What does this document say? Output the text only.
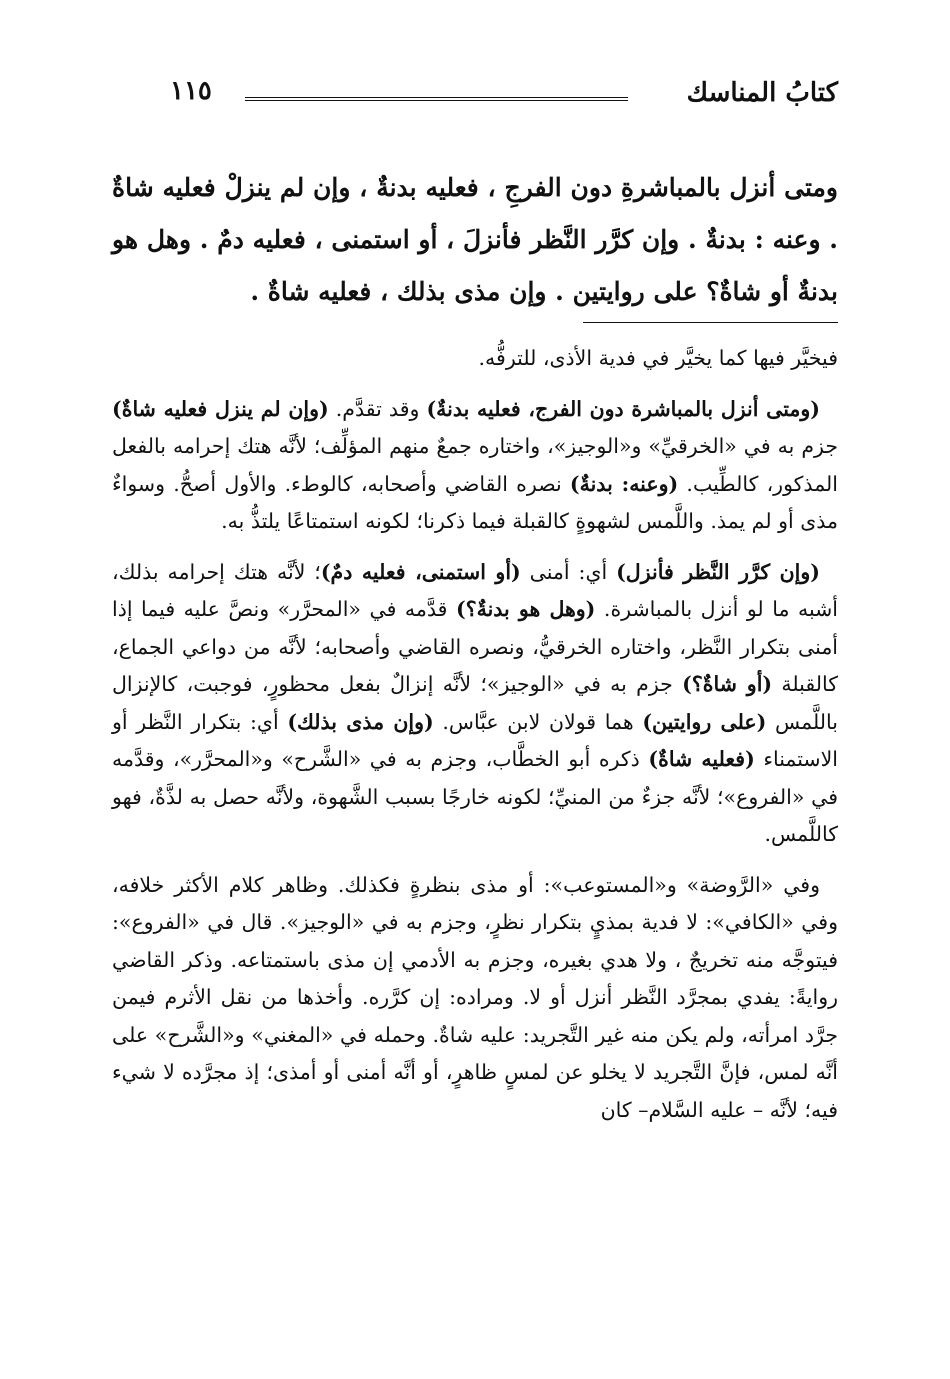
كتابُ المناسك
١١٥

ومتى أنزل بالمباشرةِ دون الفرجِ ، فعليه بدنةٌ ، وإن لم ينزلْ فعليه شاةٌ . وعنه : بدنةٌ . وإن كرَّر النَّظر فأنزلَ ، أو استمنى ، فعليه دمٌ . وهل هو بدنةٌ أو شاةٌ؟ على روايتين . وإن مذى بذلك ، فعليه شاةٌ .

فيخيَّر فيها كما يخيَّر في فدية الأذى، للترفُّه.

(ومتى أنزل بالمباشرة دون الفرج، فعليه بدنةٌ) وقد تقدَّم. (وإن لم ينزل فعليه شاةٌ) جزم به في «الخرقيِّ» و«الوجيز»، واختاره جمعٌ منهم المؤلِّف؛ لأنَّه هتك إحرامه بالفعل المذكور، كالطِّيب. (وعنه: بدنةٌ) نصره القاضي وأصحابه، كالوطء. والأول أصحُّ. وسواءٌ مذى أو لم يمذ. واللَّمس لشهوةٍ كالقبلة فيما ذكرنا؛ لكونه استمتاعًا يلتذُّ به.

(وإن كرَّر النَّظر فأنزل) أي: أمنى (أو استمنى، فعليه دمٌ)؛ لأنَّه هتك إحرامه بذلك، أشبه ما لو أنزل بالمباشرة. (وهل هو بدنةٌ؟) قدَّمه في «المحرَّر» ونصَّ عليه فيما إذا أمنى بتكرار النَّظر، واختاره الخرقيُّ، ونصره القاضي وأصحابه؛ لأنَّه من دواعي الجماع، كالقبلة (أو شاةٌ؟) جزم به في «الوجيز»؛ لأنَّه إنزالٌ بفعل محظورٍ، فوجبت، كالإنزال باللَّمس (على روايتين) هما قولان لابن عبَّاس. (وإن مذى بذلك) أي: بتكرار النَّظر أو الاستمناء (فعليه شاةٌ) ذكره أبو الخطَّاب، وجزم به في «الشَّرح» و«المحرَّر»، وقدَّمه في «الفروع»؛ لأنَّه جزءٌ من المنيِّ؛ لكونه خارجًا بسبب الشَّهوة، ولأنَّه حصل به لذَّةٌ، فهو كاللَّمس.

وفي «الرَّوضة» و«المستوعب»: أو مذى بنظرةٍ فكذلك. وظاهر كلام الأكثر خلافه، وفي «الكافي»: لا فدية بمذيٍ بتكرار نظرٍ، وجزم به في «الوجيز». قال في «الفروع»: فيتوجَّه منه تخريجٌ ، ولا هدي بغيره، وجزم به الأدمي إن مذى باستمتاعه. وذكر القاضي روايةً: يفدي بمجرَّد النَّظر أنزل أو لا. ومراده: إن كرَّره. وأخذها من نقل الأثرم فيمن جرَّد امرأته، ولم يكن منه غير التَّجريد: عليه شاةٌ. وحمله في «المغني» و«الشَّرح» على أنَّه لمس، فإنَّ التَّجريد لا يخلو عن لمسٍ ظاهرٍ، أو أنَّه أمنى أو أمذى؛ إذ مجرَّده لا شيء فيه؛ لأنَّه – عليه السَّلام– كان
